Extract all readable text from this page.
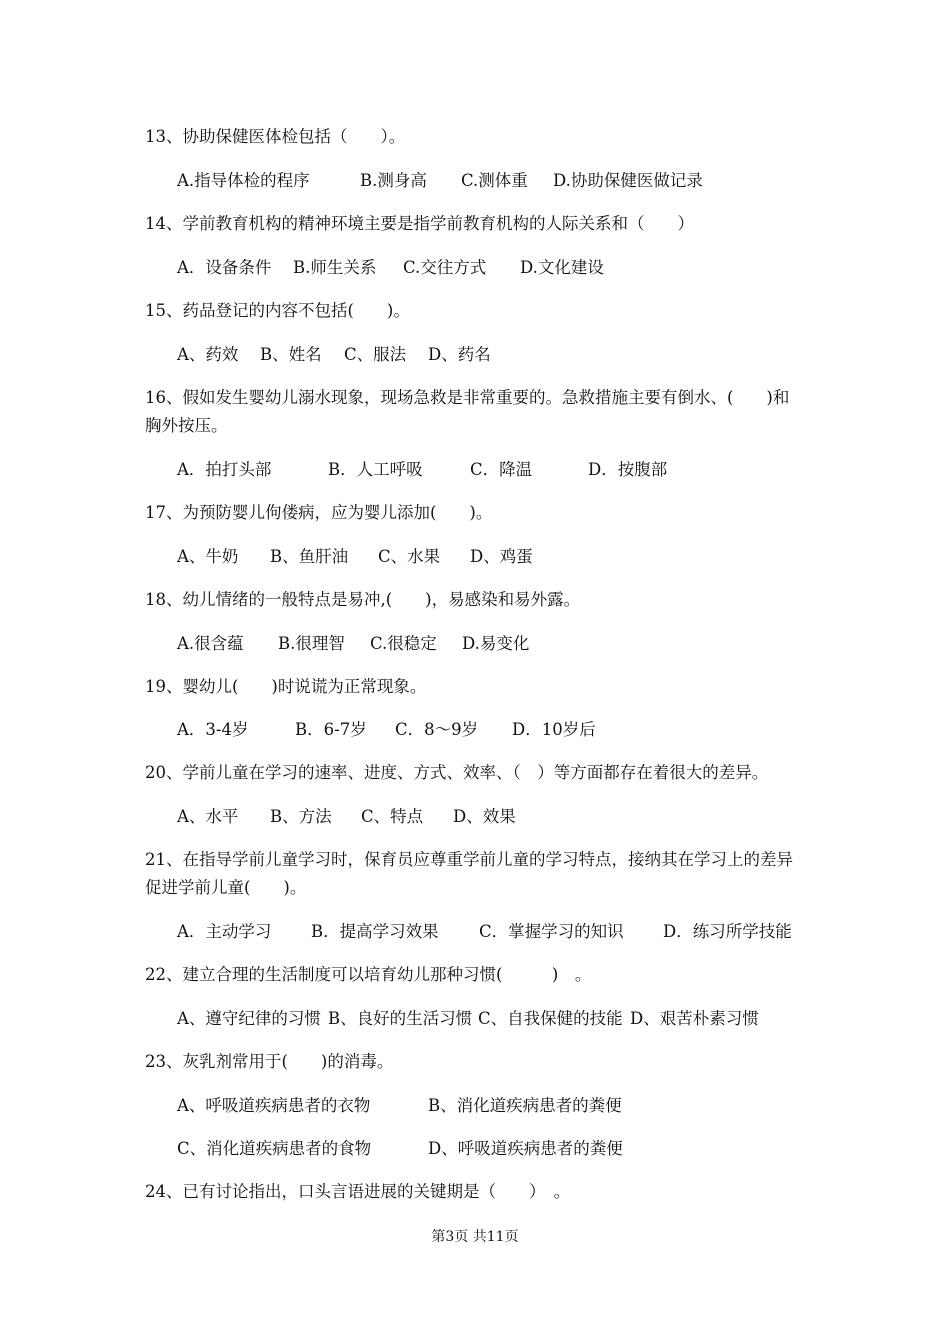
13、协助保健医体检包括（　　）。
A.指导体检的程序	B.测身高 C.测体重 D.协助保健医做记录
14、学前教育机构的精神环境主要是指学前教育机构的人际关系和（　　）
A．设备条件 B.师生关系 C.交往方式 D.文化建设
15、药品登记的内容不包括(　　)。
A、药效 B、姓名 C、服法 D、药名
16、假如发生婴幼儿溺水现象，现场急救是非常重要的。急救措施主要有倒水、(　　)和
胸外按压。
A．拍打头部	B．人工呼吸	C．降温	D．按腹部
17、为预防婴儿佝偻病，应为婴儿添加(　　)。
A、牛奶 B、鱼肝油 C、水果 D、鸡蛋
18、幼儿情绪的一般特点是易冲,(　　)，易感染和易外露。
A.很含蕴 B.很理智 C.很稳定 D.易变化
19、婴幼儿(　　)时说谎为正常现象。
A．3-4岁	B．6-7岁 C．8～9岁 D．10岁后
20、学前儿童在学习的速率、进度、方式、效率、（　）等方面都存在着很大的差异。
A、水平 B、方法 C、特点 D、效果
21、在指导学前儿童学习时，保育员应尊重学前儿童的学习特点，接纳其在学习上的差异
促进学前儿童(　　)。
A．主动学习 B．提高学习效果 C．掌握学习的知识 D．练习所学技能
22、建立合理的生活制度可以培育幼儿那种习惯(　　　)　。
A、遵守纪律的习惯 B、良好的生活习惯 C、自我保健的技能 D、艰苦朴素习惯
23、灰乳剂常用于(　　)的消毒。
A、呼吸道疾病患者的衣物	B、消化道疾病患者的粪便
C、消化道疾病患者的食物	D、呼吸道疾病患者的粪便
24、已有讨论指出，口头言语进展的关键期是（　　）　。
第3页 共11页
